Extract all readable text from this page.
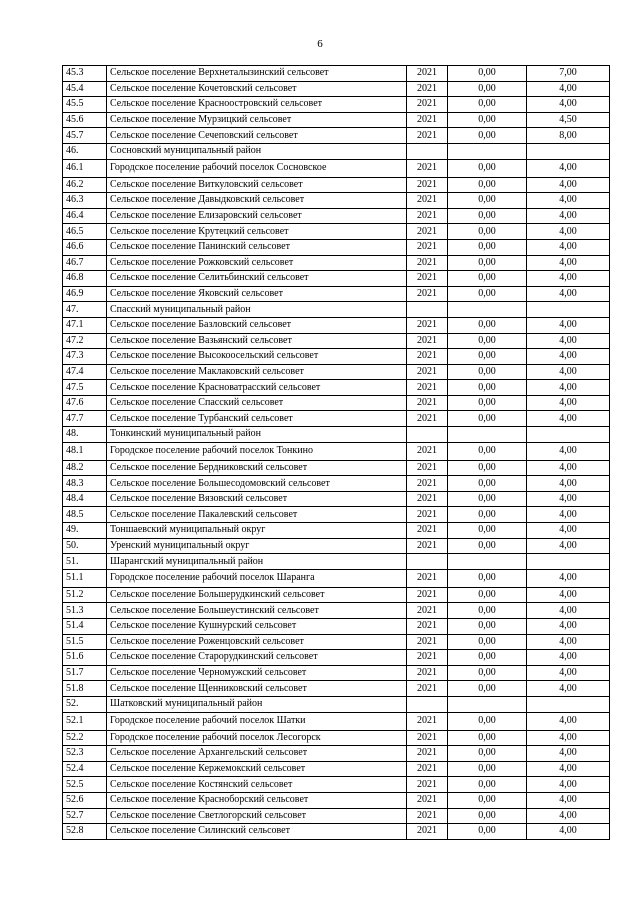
6
45.3	Сельское поселение Верхнеталызинский сельсовет	2021	0,00	7,00
45.4	Сельское поселение Кочетовский сельсовет	2021	0,00	4,00
45.5	Сельское поселение Красноостровский сельсовет	2021	0,00	4,00
45.6	Сельское поселение Мурзицкий сельсовет	2021	0,00	4,50
45.7	Сельское поселение Сечеповский сельсовет	2021	0,00	8,00
46.	Сосновский муниципальный район			
46.1	Городское поселение рабочий поселок Сосновское	2021	0,00	4,00
46.2	Сельское поселение Виткуловский сельсовет	2021	0,00	4,00
46.3	Сельское поселение Давыдковский сельсовет	2021	0,00	4,00
46.4	Сельское поселение Елизаровский сельсовет	2021	0,00	4,00
46.5	Сельское поселение Крутецкий сельсовет	2021	0,00	4,00
46.6	Сельское поселение Панинский сельсовет	2021	0,00	4,00
46.7	Сельское поселение Рожковский сельсовет	2021	0,00	4,00
46.8	Сельское поселение Селитьбинский сельсовет	2021	0,00	4,00
46.9	Сельское поселение Яковский сельсовет	2021	0,00	4,00
47.	Спасский муниципальный район			
47.1	Сельское поселение Базловский сельсовет	2021	0,00	4,00
47.2	Сельское поселение Вазьянский сельсовет	2021	0,00	4,00
47.3	Сельское поселение Высокоосельский сельсовет	2021	0,00	4,00
47.4	Сельское поселение Маклаковский сельсовет	2021	0,00	4,00
47.5	Сельское поселение Красноватрасский сельсовет	2021	0,00	4,00
47.6	Сельское поселение Спасский сельсовет	2021	0,00	4,00
47.7	Сельское поселение Турбанский сельсовет	2021	0,00	4,00
48.	Тонкинский муниципальный район			
48.1	Городское поселение рабочий поселок Тонкино	2021	0,00	4,00
48.2	Сельское поселение Бердниковский сельсовет	2021	0,00	4,00
48.3	Сельское поселение Большесодомовский сельсовет	2021	0,00	4,00
48.4	Сельское поселение Вязовский сельсовет	2021	0,00	4,00
48.5	Сельское поселение Пакалевский сельсовет	2021	0,00	4,00
49.	Тоншаевский муниципальный округ	2021	0,00	4,00
50.	Уренский муниципальный округ	2021	0,00	4,00
51.	Шарангский муниципальный район			
51.1	Городское поселение рабочий поселок Шаранга	2021	0,00	4,00
51.2	Сельское поселение Большерудкинский сельсовет	2021	0,00	4,00
51.3	Сельское поселение Большеустинский сельсовет	2021	0,00	4,00
51.4	Сельское поселение Кушнурский сельсовет	2021	0,00	4,00
51.5	Сельское поселение Роженцовский сельсовет	2021	0,00	4,00
51.6	Сельское поселение Старорудкинский сельсовет	2021	0,00	4,00
51.7	Сельское поселение Черномужский сельсовет	2021	0,00	4,00
51.8	Сельское поселение Щенниковский сельсовет	2021	0,00	4,00
52.	Шатковский муниципальный район			
52.1	Городское поселение рабочий поселок Шатки	2021	0,00	4,00
52.2	Городское поселение рабочий поселок Лесогорск	2021	0,00	4,00
52.3	Сельское поселение Архангельский сельсовет	2021	0,00	4,00
52.4	Сельское поселение Кержемокский сельсовет	2021	0,00	4,00
52.5	Сельское поселение Костянский сельсовет	2021	0,00	4,00
52.6	Сельское поселение Красноборский сельсовет	2021	0,00	4,00
52.7	Сельское поселение Светлогорский сельсовет	2021	0,00	4,00
52.8	Сельское поселение Силинский сельсовет	2021	0,00	4,00
